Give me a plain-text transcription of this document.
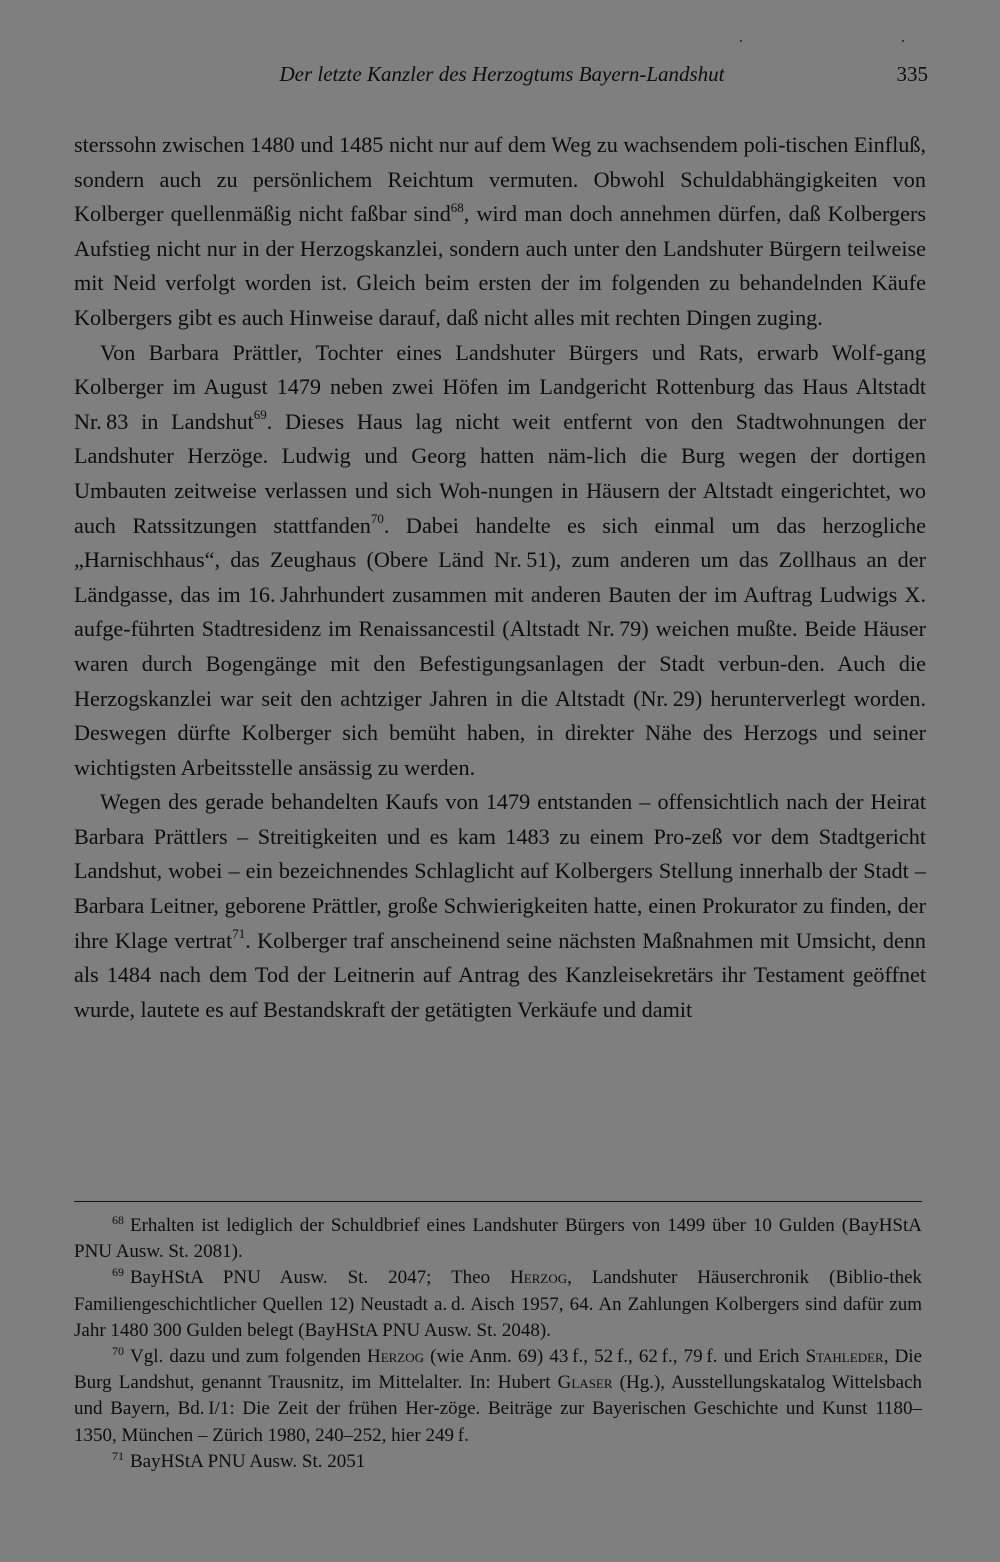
Der letzte Kanzler des Herzogtums Bayern-Landshut	335

sterssohn zwischen 1480 und 1485 nicht nur auf dem Weg zu wachsendem poli-tischen Einfluß, sondern auch zu persönlichem Reichtum vermuten. Obwohl Schuldabhängigkeiten von Kolberger quellenmäßig nicht faßbar sind$^{68}$, wird man doch annehmen dürfen, daß Kolbergers Aufstieg nicht nur in der Herzogskanzlei, sondern auch unter den Landshuter Bürgern teilweise mit Neid verfolgt worden ist. Gleich beim ersten der im folgenden zu behandelnden Käufe Kolbergers gibt es auch Hinweise darauf, daß nicht alles mit rechten Dingen zuging.

Von Barbara Prättler, Tochter eines Landshuter Bürgers und Rats, erwarb Wolf-gang Kolberger im August 1479 neben zwei Höfen im Landgericht Rottenburg das Haus Altstadt Nr. 83 in Landshut$^{69}$. Dieses Haus lag nicht weit entfernt von den Stadtwohnungen der Landshuter Herzöge. Ludwig und Georg hatten näm-lich die Burg wegen der dortigen Umbauten zeitweise verlassen und sich Woh-nungen in Häusern der Altstadt eingerichtet, wo auch Ratssitzungen stattfanden$^{70}$. Dabei handelte es sich einmal um das herzogliche „Harnischhaus“, das Zeughaus (Obere Länd Nr. 51), zum anderen um das Zollhaus an der Ländgasse, das im 16. Jahrhundert zusammen mit anderen Bauten der im Auftrag Ludwigs X. aufge-führten Stadtresidenz im Renaissancestil (Altstadt Nr. 79) weichen mußte. Beide Häuser waren durch Bogengänge mit den Befestigungsanlagen der Stadt verbun-den. Auch die Herzogskanzlei war seit den achtziger Jahren in die Altstadt (Nr. 29) herunterverlegt worden. Deswegen dürfte Kolberger sich bemüht haben, in direkter Nähe des Herzogs und seiner wichtigsten Arbeitsstelle ansässig zu werden.

Wegen des gerade behandelten Kaufs von 1479 entstanden – offensichtlich nach der Heirat Barbara Prättlers – Streitigkeiten und es kam 1483 zu einem Pro-zeß vor dem Stadtgericht Landshut, wobei – ein bezeichnendes Schlaglicht auf Kolbergers Stellung innerhalb der Stadt – Barbara Leitner, geborene Prättler, große Schwierigkeiten hatte, einen Prokurator zu finden, der ihre Klage vertrat$^{71}$. Kolberger traf anscheinend seine nächsten Maßnahmen mit Umsicht, denn als 1484 nach dem Tod der Leitnerin auf Antrag des Kanzleisekretärs ihr Testament geöffnet wurde, lautete es auf Bestandskraft der getätigten Verkäufe und damit

$^{68}$ Erhalten ist lediglich der Schuldbrief eines Landshuter Bürgers von 1499 über 10 Gulden (BayHStA PNU Ausw. St. 2081).

$^{69}$ BayHStA PNU Ausw. St. 2047; Theo Herzog, Landshuter Häuserchronik (Biblio-thek Familiengeschichtlicher Quellen 12) Neustadt a. d. Aisch 1957, 64. An Zahlungen Kolbergers sind dafür zum Jahr 1480 300 Gulden belegt (BayHStA PNU Ausw. St. 2048).

$^{70}$ Vgl. dazu und zum folgenden Herzog (wie Anm. 69) 43 f., 52 f., 62 f., 79 f. und Erich Stahleder, Die Burg Landshut, genannt Trausnitz, im Mittelalter. In: Hubert Glaser (Hg.), Ausstellungskatalog Wittelsbach und Bayern, Bd. I/1: Die Zeit der frühen Her-zöge. Beiträge zur Bayerischen Geschichte und Kunst 1180–1350, München – Zürich 1980, 240–252, hier 249 f.

$^{71}$ BayHStA PNU Ausw. St. 2051
